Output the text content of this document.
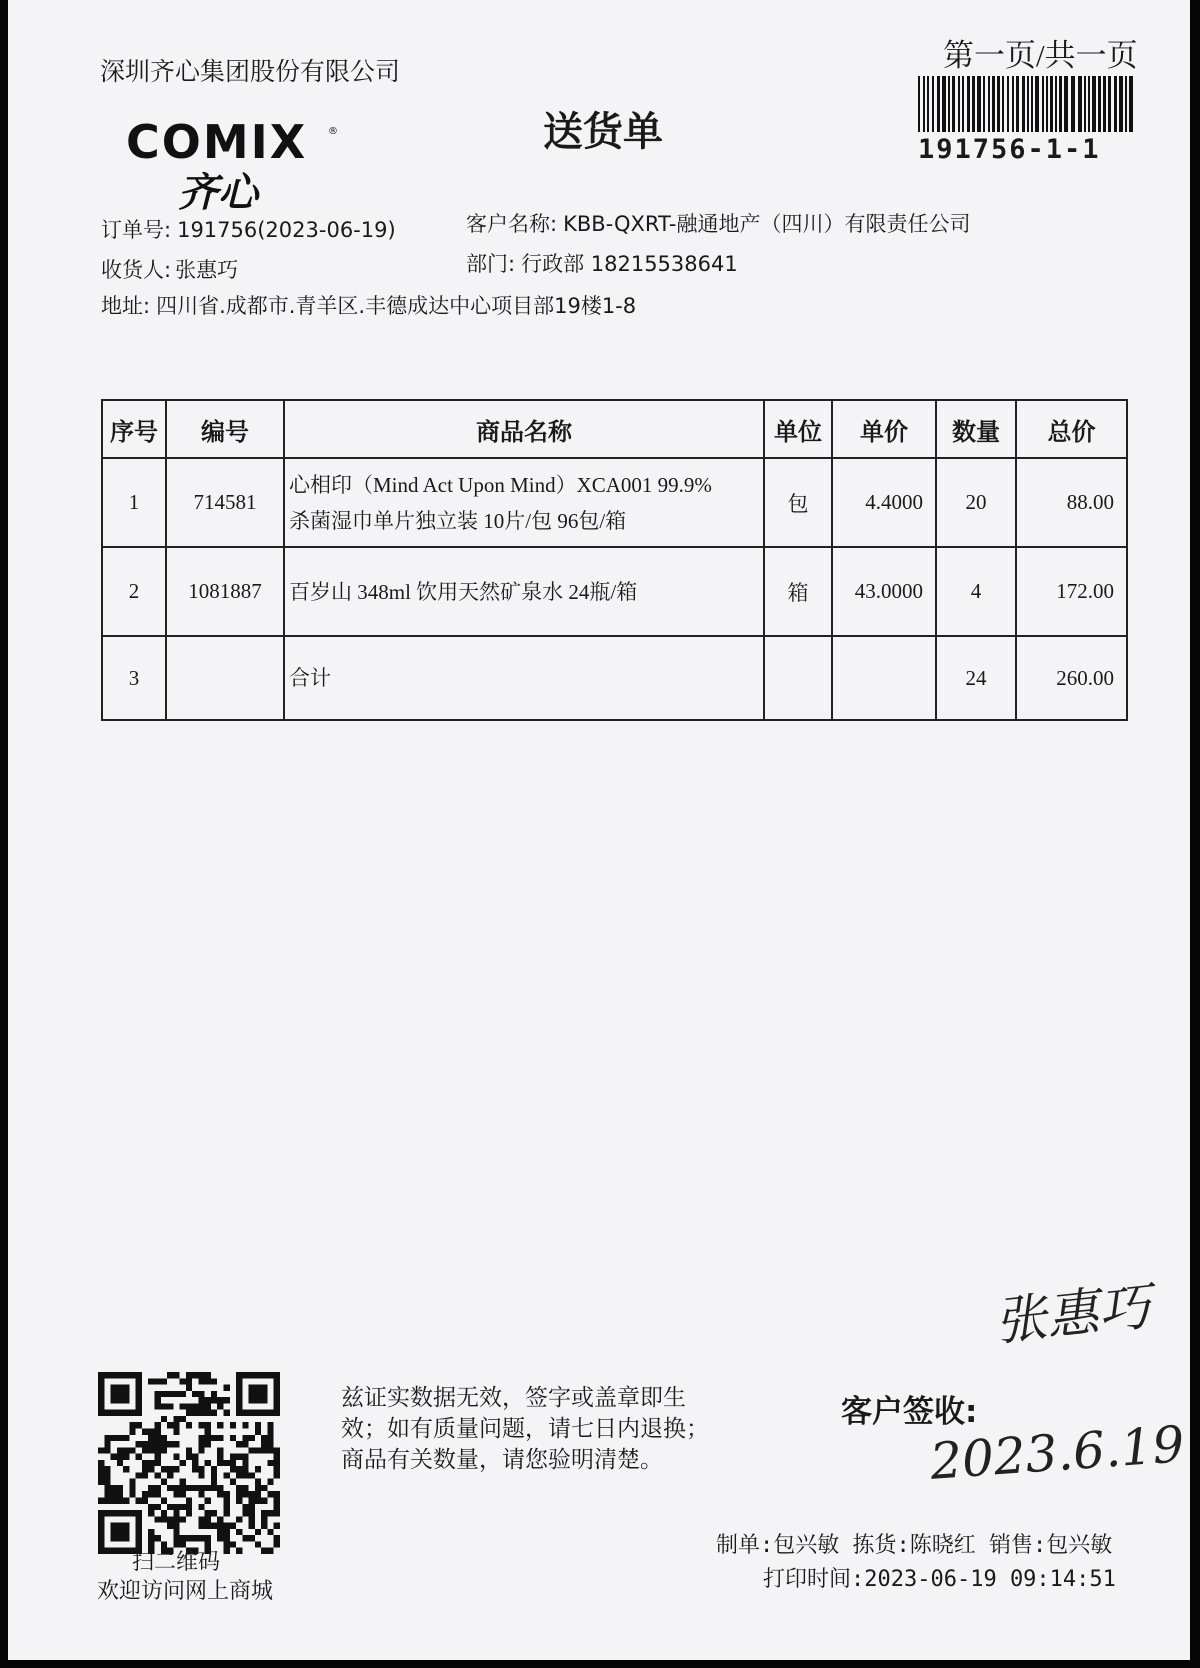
深圳齐心集团股份有限公司
COMIX ®
齐心
送货单
第一页/共一页
191756-1-1
订单号: 191756(2023-06-19)
收货人: 张惠巧
地址: 四川省.成都市.青羊区.丰德成达中心项目部19楼1-8
客户名称: KBB-QXRT-融通地产（四川）有限责任公司
部门: 行政部 18215538641
序号	编号	商品名称	单位	单价	数量	总价
1	714581	心相印（Mind Act Upon Mind）XCA001 99.9%
杀菌湿巾单片独立装 10片/包 96包/箱	包	4.4000	20	88.00
2	1081887	百岁山 348ml 饮用天然矿泉水 24瓶/箱	箱	43.0000	4	172.00
3		合计			24	260.00
扫二维码
欢迎访问网上商城
兹证实数据无效，签字或盖章即生
效；如有质量问题，请七日内退换；
商品有关数量，请您验明清楚。
客户签收:
张惠巧
2023.6.19
制单:包兴敏 拣货:陈晓红 销售:包兴敏
打印时间:2023-06-19 09:14:51
